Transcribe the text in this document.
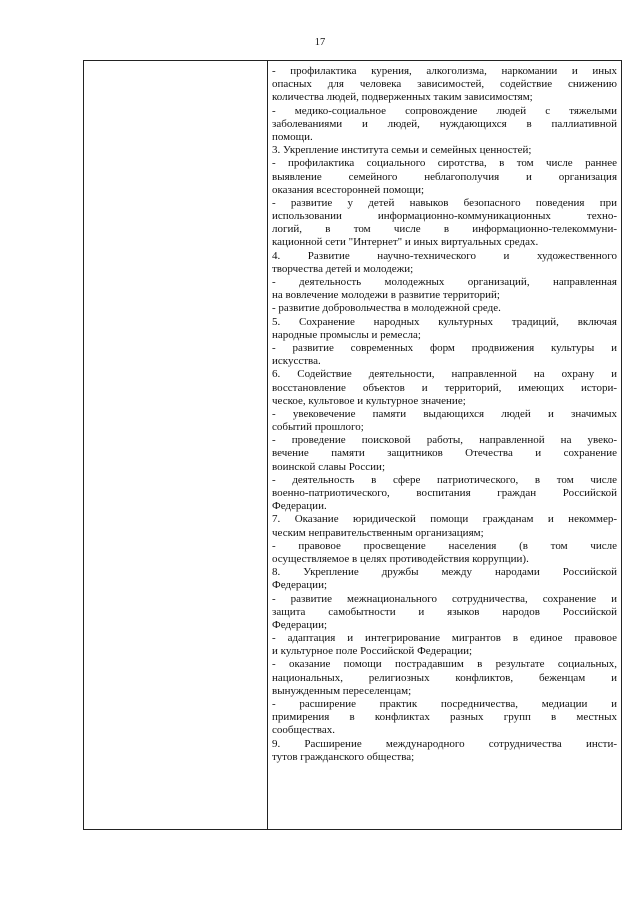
17
- профилактика курения, алкоголизма, наркомании и иных
опасных для человека зависимостей, содействие снижению
количества людей, подверженных таким зависимостям;
- медико-социальное сопровождение людей с тяжелыми
заболеваниями и людей, нуждающихся в паллиативной
помощи.
3. Укрепление института семьи и семейных ценностей;
- профилактика социального сиротства, в том числе раннее
выявление семейного неблагополучия и организация
оказания всесторонней помощи;
- развитие у детей навыков безопасного поведения при
использовании информационно-коммуникационных техно-
логий, в том числе в информационно-телекоммуни-
кационной сети "Интернет" и иных виртуальных средах.
4. Развитие научно-технического и художественного
творчества детей и молодежи;
- деятельность молодежных организаций, направленная
на вовлечение молодежи в развитие территорий;
- развитие добровольчества в молодежной среде.
5. Сохранение народных культурных традиций, включая
народные промыслы и ремесла;
- развитие современных форм продвижения культуры и
искусства.
6. Содействие деятельности, направленной на охрану и
восстановление объектов и территорий, имеющих истори-
ческое, культовое и культурное значение;
- увековечение памяти выдающихся людей и значимых
событий прошлого;
- проведение поисковой работы, направленной на увеко-
вечение памяти защитников Отечества и сохранение
воинской славы России;
- деятельность в сфере патриотического, в том числе
военно-патриотического, воспитания граждан Российской
Федерации.
7. Оказание юридической помощи гражданам и некоммер-
ческим неправительственным организациям;
- правовое просвещение населения (в том числе
осуществляемое в целях противодействия коррупции).
8. Укрепление дружбы между народами Российской
Федерации;
- развитие межнационального сотрудничества, сохранение и
защита самобытности и языков народов Российской
Федерации;
- адаптация и интегрирование мигрантов в единое правовое
и культурное поле Российской Федерации;
- оказание помощи пострадавшим в результате социальных,
национальных, религиозных конфликтов, беженцам и
вынужденным переселенцам;
- расширение практик посредничества, медиации и
примирения в конфликтах разных групп в местных
сообществах.
9. Расширение международного сотрудничества инсти-
тутов гражданского общества;
